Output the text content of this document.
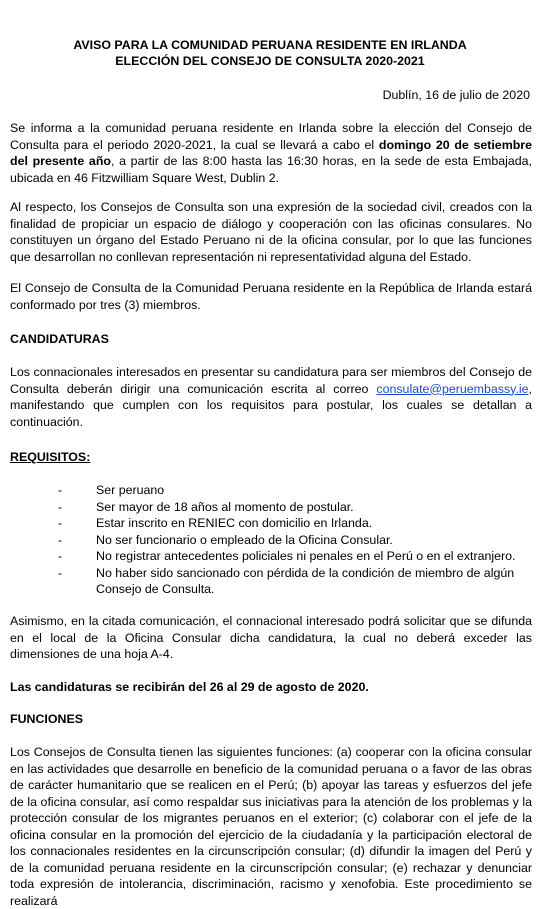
AVISO PARA LA COMUNIDAD PERUANA RESIDENTE EN IRLANDA
ELECCIÓN DEL CONSEJO DE CONSULTA 2020-2021
Dublín, 16 de julio de 2020
Se informa a la comunidad peruana residente en Irlanda sobre la elección del Consejo de Consulta para el periodo 2020-2021, la cual se llevará a cabo el domingo 20 de setiembre del presente año, a partir de las 8:00 hasta las 16:30 horas, en la sede de esta Embajada, ubicada en 46 Fitzwilliam Square West, Dublin 2.
Al respecto, los Consejos de Consulta son una expresión de la sociedad civil, creados con la finalidad de propiciar un espacio de diálogo y cooperación con las oficinas consulares. No constituyen un órgano del Estado Peruano ni de la oficina consular, por lo que las funciones que desarrollan no conllevan representación ni representatividad alguna del Estado.
El Consejo de Consulta de la Comunidad Peruana residente en la República de Irlanda estará conformado por tres (3) miembros.
CANDIDATURAS
Los connacionales interesados en presentar su candidatura para ser miembros del Consejo de Consulta deberán dirigir una comunicación escrita al correo consulate@peruembassy.ie, manifestando que cumplen con los requisitos para postular, los cuales se detallan a continuación.
REQUISITOS:
-	Ser peruano
-	Ser mayor de 18 años al momento de postular.
-	Estar inscrito en RENIEC con domicilio en Irlanda.
-	No ser funcionario o empleado de la Oficina Consular.
-	No registrar antecedentes policiales ni penales en el Perú o en el extranjero.
-	No haber sido sancionado con pérdida de la condición de miembro de algún Consejo de Consulta.
Asimismo, en la citada comunicación, el connacional interesado podrá solicitar que se difunda en el local de la Oficina Consular dicha candidatura, la cual no deberá exceder las dimensiones de una hoja A-4.
Las candidaturas se recibirán del 26 al 29 de agosto de 2020.
FUNCIONES
Los Consejos de Consulta tienen las siguientes funciones: (a) cooperar con la oficina consular en las actividades que desarrolle en beneficio de la comunidad peruana o a favor de las obras de carácter humanitario que se realicen en el Perú; (b) apoyar las tareas y esfuerzos del jefe de la oficina consular, así como respaldar sus iniciativas para la atención de los problemas y la protección consular de los migrantes peruanos en el exterior; (c) colaborar con el jefe de la oficina consular en la promoción del ejercicio de la ciudadanía y la participación electoral de los connacionales residentes en la circunscripción consular; (d) difundir la imagen del Perú y de la comunidad peruana residente en la circunscripción consular; (e) rechazar y denunciar toda expresión de intolerancia, discriminación, racismo y xenofobia. Este procedimiento se realizará
